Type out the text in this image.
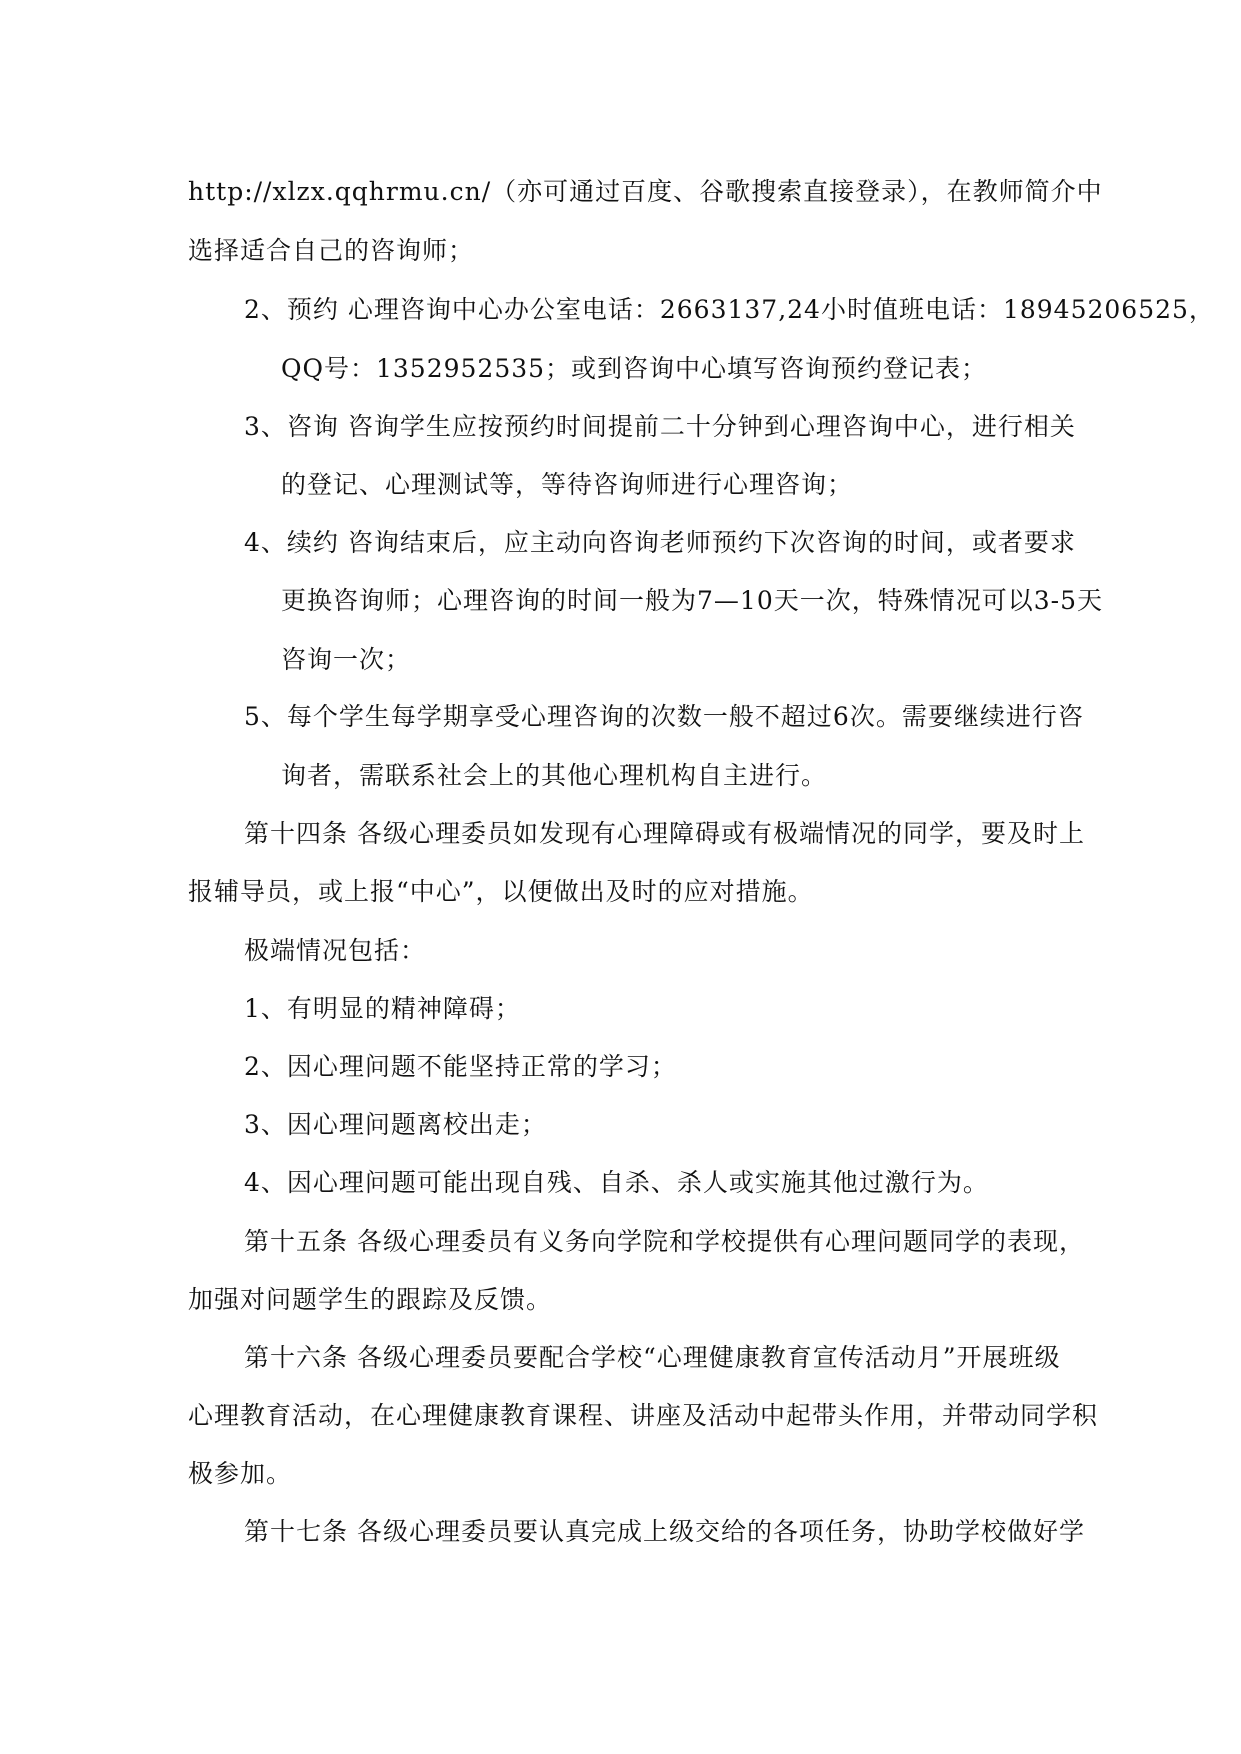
http://xlzx.qqhrmu.cn/（亦可通过百度、谷歌搜索直接登录），在教师简介中
选择适合自己的咨询师；
2、预约 心理咨询中心办公室电话：2663137,24小时值班电话：18945206525，
QQ号：1352952535；或到咨询中心填写咨询预约登记表；
3、咨询 咨询学生应按预约时间提前二十分钟到心理咨询中心，进行相关
的登记、心理测试等，等待咨询师进行心理咨询；
4、续约 咨询结束后，应主动向咨询老师预约下次咨询的时间，或者要求
更换咨询师；心理咨询的时间一般为7—10天一次，特殊情况可以3-5天
咨询一次；
5、每个学生每学期享受心理咨询的次数一般不超过6次。需要继续进行咨
询者，需联系社会上的其他心理机构自主进行。
第十四条 各级心理委员如发现有心理障碍或有极端情况的同学，要及时上
报辅导员，或上报“中心”，以便做出及时的应对措施。
极端情况包括：
1、有明显的精神障碍；
2、因心理问题不能坚持正常的学习；
3、因心理问题离校出走；
4、因心理问题可能出现自残、自杀、杀人或实施其他过激行为。
第十五条 各级心理委员有义务向学院和学校提供有心理问题同学的表现，
加强对问题学生的跟踪及反馈。
第十六条 各级心理委员要配合学校“心理健康教育宣传活动月”开展班级
心理教育活动，在心理健康教育课程、讲座及活动中起带头作用，并带动同学积
极参加。
第十七条 各级心理委员要认真完成上级交给的各项任务，协助学校做好学
